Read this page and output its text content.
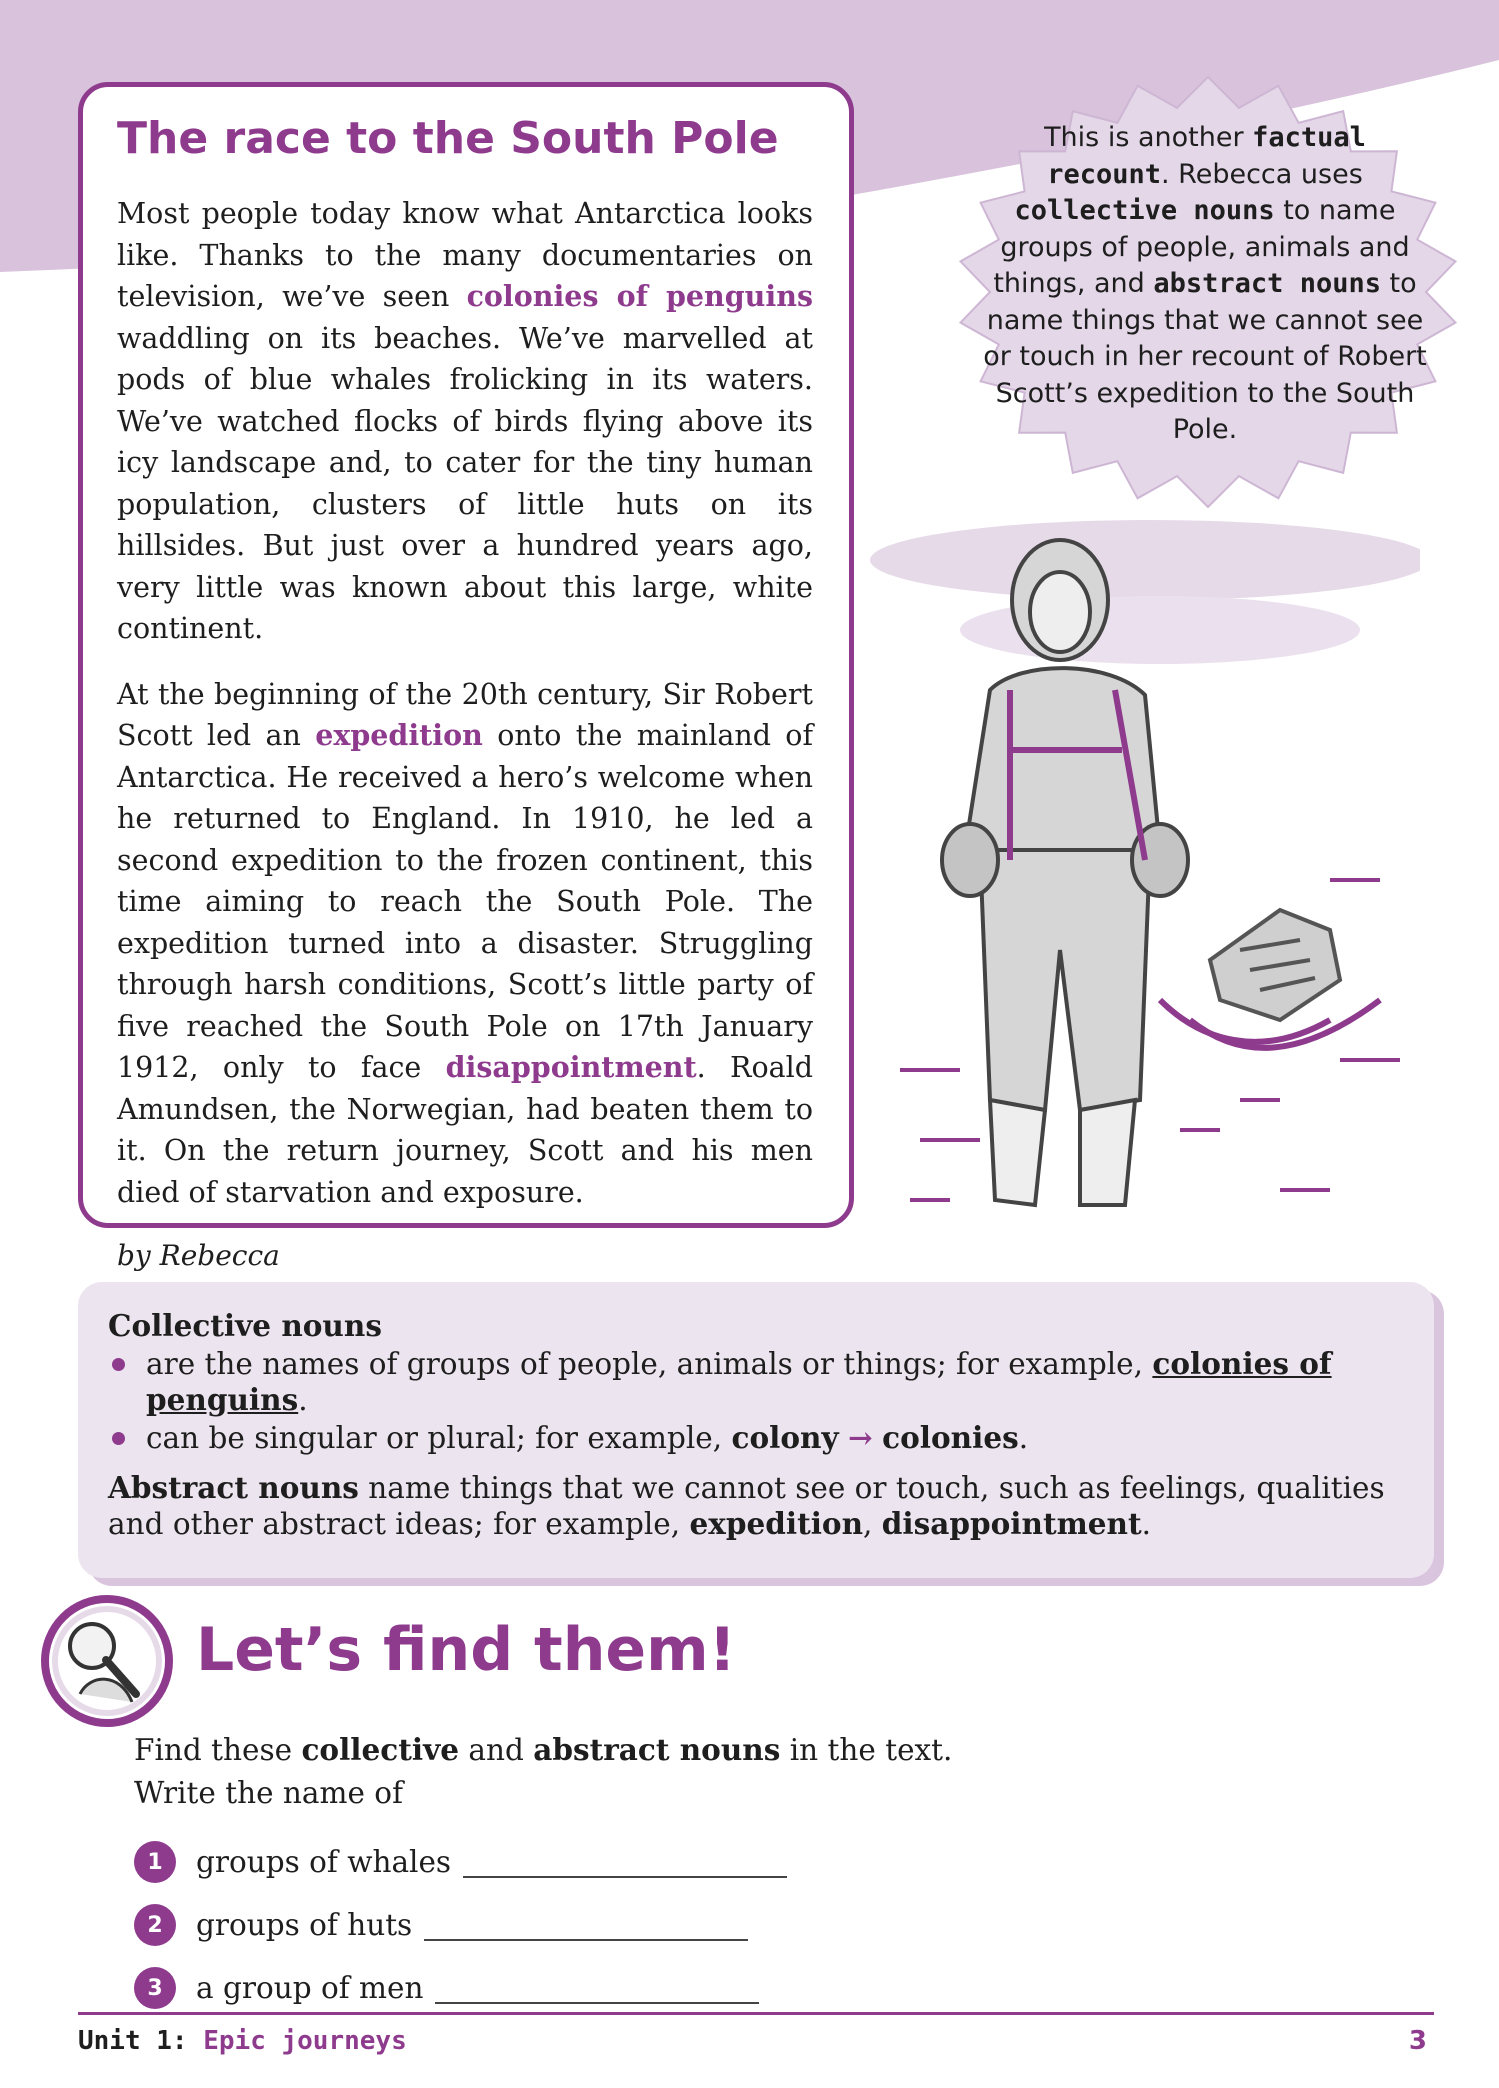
The race to the South Pole

Most people today know what Antarctica looks like. Thanks to the many documentaries on television, we’ve seen colonies of penguins waddling on its beaches. We’ve marvelled at pods of blue whales frolicking in its waters. We’ve watched flocks of birds flying above its icy landscape and, to cater for the tiny human population, clusters of little huts on its hillsides. But just over a hundred years ago, very little was known about this large, white continent.

At the beginning of the 20th century, Sir Robert Scott led an expedition onto the mainland of Antarctica. He received a hero’s welcome when he returned to England. In 1910, he led a second expedition to the frozen continent, this time aiming to reach the South Pole. The expedition turned into a disaster. Struggling through harsh conditions, Scott’s little party of five reached the South Pole on 17th January 1912, only to face disappointment. Roald Amundsen, the Norwegian, had beaten them to it. On the return journey, Scott and his men died of starvation and exposure.

by Rebecca
This is another factual recount. Rebecca uses collective nouns to name groups of people, animals and things, and abstract nouns to name things that we cannot see or touch in her recount of Robert Scott’s expedition to the South Pole.
Collective nouns
are the names of groups of people, animals or things; for example, colonies of penguins.
can be singular or plural; for example, colony → colonies.
Abstract nouns name things that we cannot see or touch, such as feelings, qualities and other abstract ideas; for example, expedition, disappointment.
Let’s find them!
Find these collective and abstract nouns in the text.
Write the name of
1	groups of whales
2	groups of huts
3	a group of men
Unit 1: Epic journeys	3
